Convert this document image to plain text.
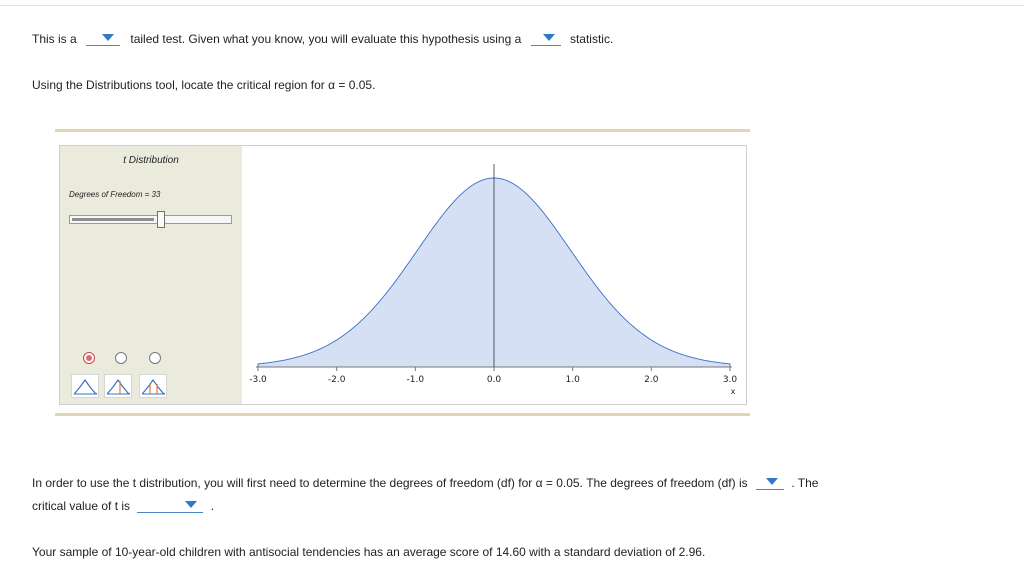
This is a	tailed test. Given what you know, you will evaluate this hypothesis using a	statistic.
Using the Distributions tool, locate the critical region for α = 0.05.
t Distribution
Degrees of Freedom = 33
-3.0	-2.0	-1.0	0.0	1.0	2.0	3.0
x
In order to use the t distribution, you will first need to determine the degrees of freedom (df) for α = 0.05. The degrees of freedom (df) is	. The
critical value of t is	.
Your sample of 10-year-old children with antisocial tendencies has an average score of 14.60 with a standard deviation of 2.96.
